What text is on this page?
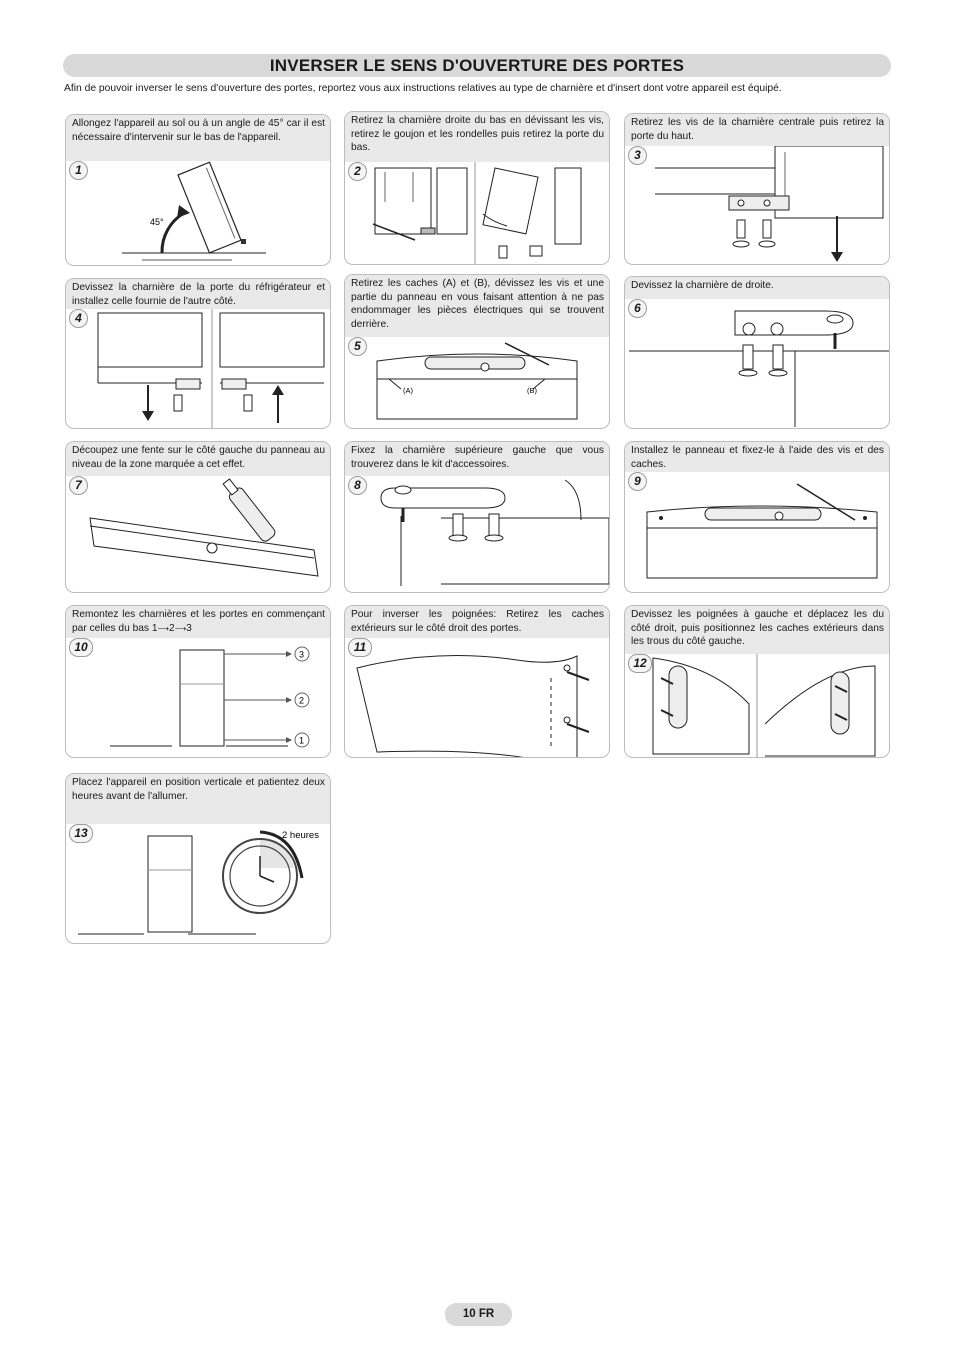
INVERSER LE SENS D'OUVERTURE DES PORTES
Afin de pouvoir inverser le sens d'ouverture des portes, reportez vous aux instructions relatives au type de charnière et d'insert dont votre appareil est équipé.
Allongez l'appareil au sol ou à un angle de 45° car il est nécessaire d'intervenir sur le bas de l'appareil.
1
45°
Retirez la charnière droite du bas en dévissant les vis, retirez le goujon et les rondelles puis retirez la porte du bas.
2
Retirez les vis de la charnière centrale puis retirez la porte du haut.
3
Devissez la charnière de la porte du réfrigérateur et installez celle fournie de l'autre côté.
4
Retirez les caches (A) et (B), dévissez les vis et une partie du panneau en vous faisant attention à ne pas endommager les pièces électriques qui se trouvent derrière.
5
(A)	(B)
Devissez la charnière de droite.
6
Découpez une fente sur le côté gauche du panneau au niveau de la zone marquée a cet effet.
7
Fixez la charnière supérieure gauche que vous trouverez dans le kit d'accessoires.
8
Installez le panneau et fixez-le à l'aide des vis et des caches.
9
Remontez les charnières et les portes en commençant par celles du bas 1⟶2⟶3
10
3
2
1
Pour inverser les poignées: Retirez les caches extérieurs sur le côté droit des portes.
11
Devissez les poignées à gauche et déplacez les du côté droit, puis positionnez les caches extérieurs dans les trous du côté gauche.
12
Placez l'appareil en position verticale et patientez deux heures avant de l'allumer.
13	2 heures
10 FR
